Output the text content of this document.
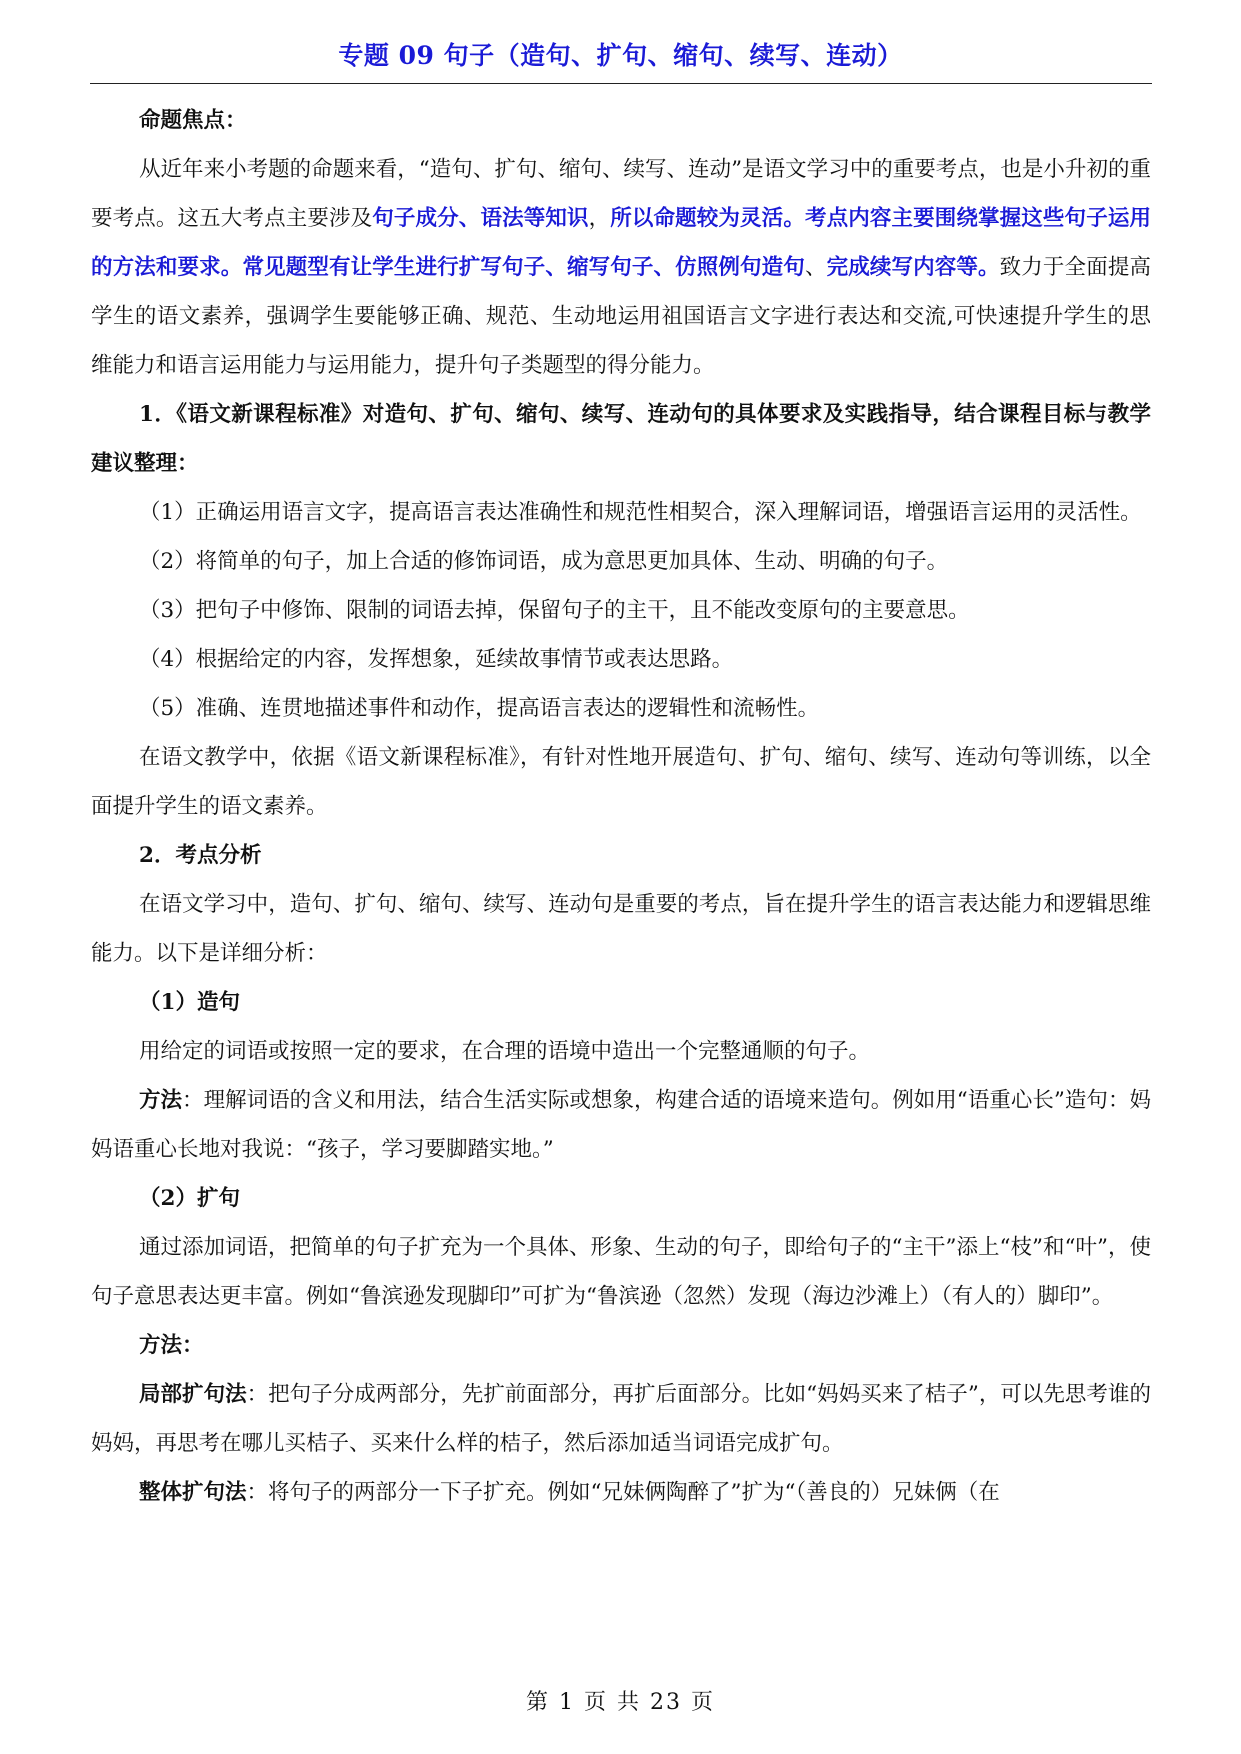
专题 09 句子（造句、扩句、缩句、续写、连动）

命题焦点：

从近年来小考题的命题来看，“造句、扩句、缩句、续写、连动”是语文学习中的重要考点，也是小升初的重要考点。这五大考点主要涉及句子成分、语法等知识，所以命题较为灵活。考点内容主要围绕掌握这些句子运用的方法和要求。常见题型有让学生进行扩写句子、缩写句子、仿照例句造句、完成续写内容等。致力于全面提高学生的语文素养，强调学生要能够正确、规范、生动地运用祖国语言文字进行表达和交流,可快速提升学生的思维能力和语言运用能力与运用能力，提升句子类题型的得分能力。

1．《语文新课程标准》对造句、扩句、缩句、续写、连动句的具体要求及实践指导，结合课程目标与教学建议整理：

（1）正确运用语言文字，提高语言表达准确性和规范性相契合，深入理解词语，增强语言运用的灵活性。

（2）将简单的句子，加上合适的修饰词语，成为意思更加具体、生动、明确的句子。

（3）把句子中修饰、限制的词语去掉，保留句子的主干，且不能改变原句的主要意思。

（4）根据给定的内容，发挥想象，延续故事情节或表达思路。

（5）准确、连贯地描述事件和动作，提高语言表达的逻辑性和流畅性。

在语文教学中，依据《语文新课程标准》，有针对性地开展造句、扩句、缩句、续写、连动句等训练，以全面提升学生的语文素养。

2．考点分析

在语文学习中，造句、扩句、缩句、续写、连动句是重要的考点，旨在提升学生的语言表达能力和逻辑思维能力。以下是详细分析：

（1）造句

用给定的词语或按照一定的要求，在合理的语境中造出一个完整通顺的句子。

方法：理解词语的含义和用法，结合生活实际或想象，构建合适的语境来造句。例如用“语重心长”造句：妈妈语重心长地对我说：“孩子，学习要脚踏实地。”

（2）扩句

通过添加词语，把简单的句子扩充为一个具体、形象、生动的句子，即给句子的“主干”添上“枝”和“叶”，使句子意思表达更丰富。例如“鲁滨逊发现脚印”可扩为“鲁滨逊（忽然）发现（海边沙滩上）（有人的）脚印”。

方法：

局部扩句法：把句子分成两部分，先扩前面部分，再扩后面部分。比如“妈妈买来了桔子”，可以先思考谁的妈妈，再思考在哪儿买桔子、买来什么样的桔子，然后添加适当词语完成扩句。

整体扩句法：将句子的两部分一下子扩充。例如“兄妹俩陶醉了”扩为“（善良的）兄妹俩（在

第 1 页 共 23 页
